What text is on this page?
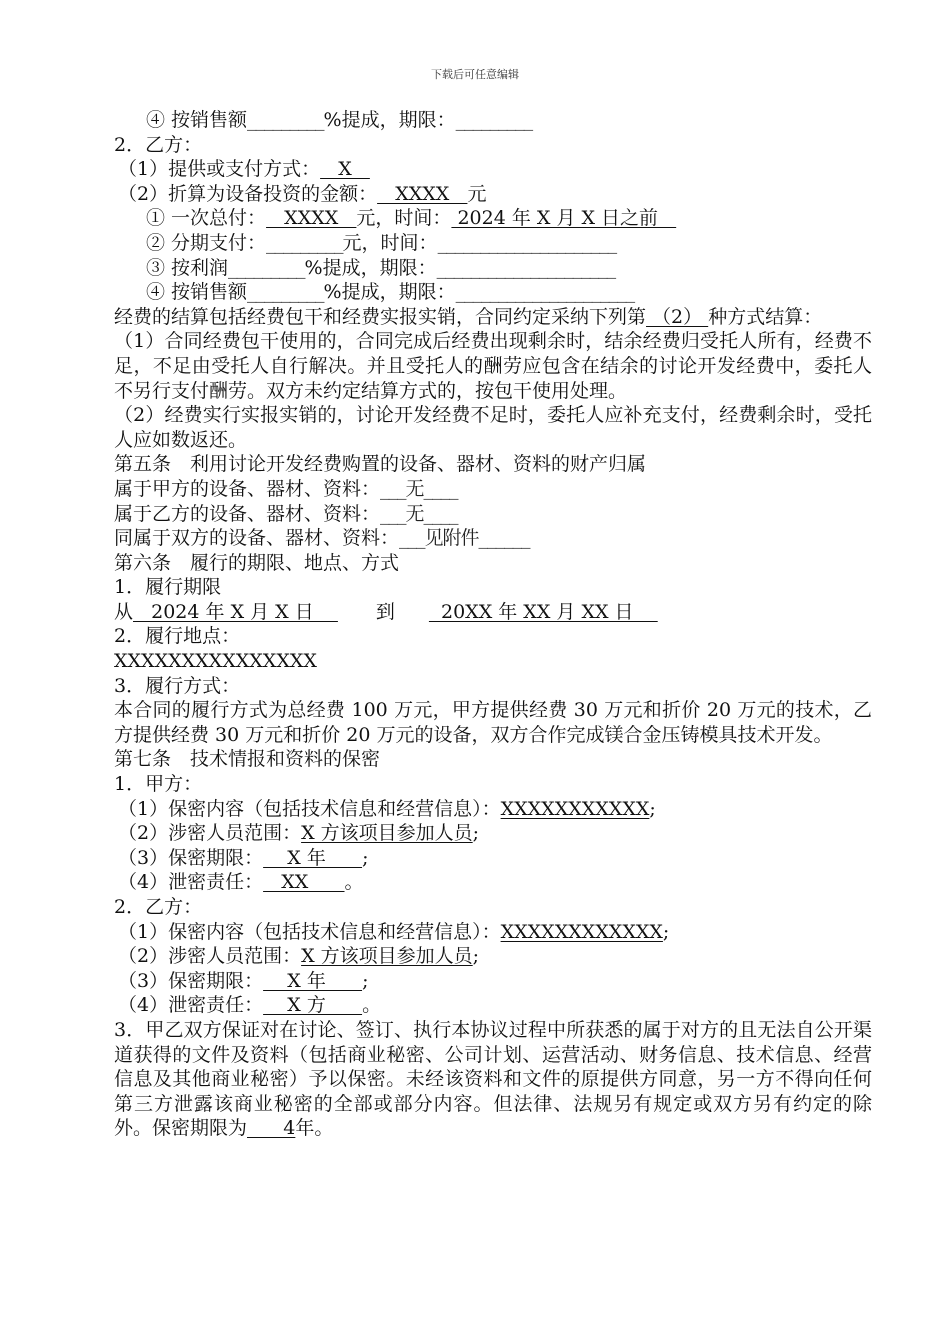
下载后可任意编辑
④ 按销售额_________%提成，期限：_________
2．乙方：
（1）提供或支付方式：   X
（2）折算为设备投资的金额：   XXXX   元
① 一次总付：   XXXX   元，时间： 2024 年 X 月 X 日之前
② 分期支付：_________元，时间：_____________________
③ 按利润_________%提成，期限：_____________________
④ 按销售额_________%提成，期限：_____________________
经费的结算包括经费包干和经费实报实销，合同约定采纳下列第 （2） 种方式结算：
（1）合同经费包干使用的，合同完成后经费出现剩余时，结余经费归受托人所有，经费不足，不足由受托人自行解决。并且受托人的酬劳应包含在结余的讨论开发经费中，委托人不另行支付酬劳。双方未约定结算方式的，按包干使用处理。
（2）经费实行实报实销的，讨论开发经费不足时，委托人应补充支付，经费剩余时，受托人应如数返还。
第五条　利用讨论开发经费购置的设备、器材、资料的财产归属
属于甲方的设备、器材、资料：___无____
属于乙方的设备、器材、资料：___无____
同属于双方的设备、器材、资料：___见附件______
第六条　履行的期限、地点、方式
1．履行期限
从   2024 年 X 月 X 日    到  20XX 年 XX 月 XX 日
2．履行地点：
XXXXXXXXXXXXXXX
3．履行方式：
本合同的履行方式为总经费 100 万元，甲方提供经费 30 万元和折价 20 万元的技术，乙方提供经费 30 万元和折价 20 万元的设备，双方合作完成镁合金压铸模具技术开发。
第七条　技术情报和资料的保密
1．甲方：
（1）保密内容（包括技术信息和经营信息）：XXXXXXXXXXX;
（2）涉密人员范围：X 方该项目参加人员;
（3）保密期限：    X 年      ;
（4）泄密责任：   XX      。
2．乙方：
（1）保密内容（包括技术信息和经营信息）：XXXXXXXXXXXX;
（2）涉密人员范围：X 方该项目参加人员;
（3）保密期限：    X 年      ;
（4）泄密责任：    X 方      。
3．甲乙双方保证对在讨论、签订、执行本协议过程中所获悉的属于对方的且无法自公开渠道获得的文件及资料（包括商业秘密、公司计划、运营活动、财务信息、技术信息、经营信息及其他商业秘密）予以保密。未经该资料和文件的原提供方同意，另一方不得向任何第三方泄露该商业秘密的全部或部分内容。但法律、法规另有规定或双方另有约定的除外。保密期限为      4年。
